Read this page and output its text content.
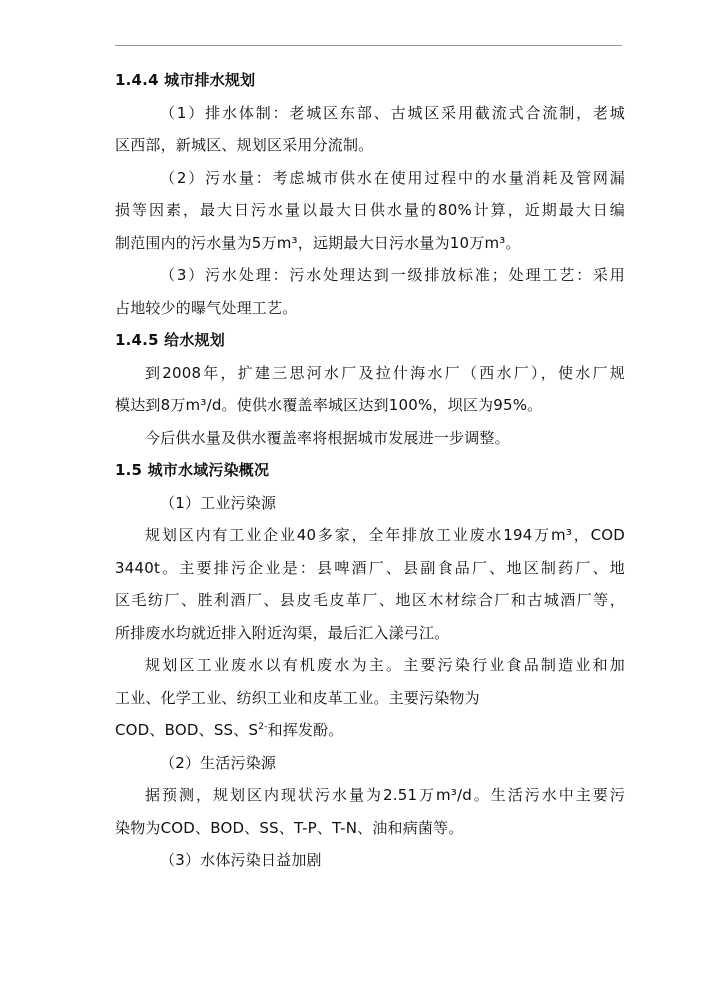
1.4.4 城市排水规划
（1）排水体制：老城区东部、古城区采用截流式合流制，老城
区西部，新城区、规划区采用分流制。
（2）污水量：考虑城市供水在使用过程中的水量消耗及管网漏
损等因素，最大日污水量以最大日供水量的80%计算，近期最大日编
制范围内的污水量为5万m³，远期最大日污水量为10万m³。
（3）污水处理：污水处理达到一级排放标准；处理工艺：采用
占地较少的曝气处理工艺。
1.4.5 给水规划
到2008年，扩建三思河水厂及拉什海水厂（西水厂），使水厂规
模达到8万m³/d。使供水覆盖率城区达到100%，坝区为95%。
今后供水量及供水覆盖率将根据城市发展进一步调整。
1.5 城市水域污染概况
（1）工业污染源
规划区内有工业企业40多家，全年排放工业废水194万m³，COD
3440t。主要排污企业是：县啤酒厂、县副食品厂、地区制药厂、地
区毛纺厂、胜利酒厂、县皮毛皮革厂、地区木材综合厂和古城酒厂等，
所排废水均就近排入附近沟渠，最后汇入漾弓江。
规划区工业废水以有机废水为主。主要污染行业食品制造业和加
工业、化学工业、纺织工业和皮革工业。主要污染物为
COD、BOD、SS、$S^{2-}$和挥发酚。
（2）生活污染源
据预测，规划区内现状污水量为2.51万m³/d。生活污水中主要污
染物为COD、BOD、SS、T-P、T-N、油和病菌等。
（3）水体污染日益加剧
